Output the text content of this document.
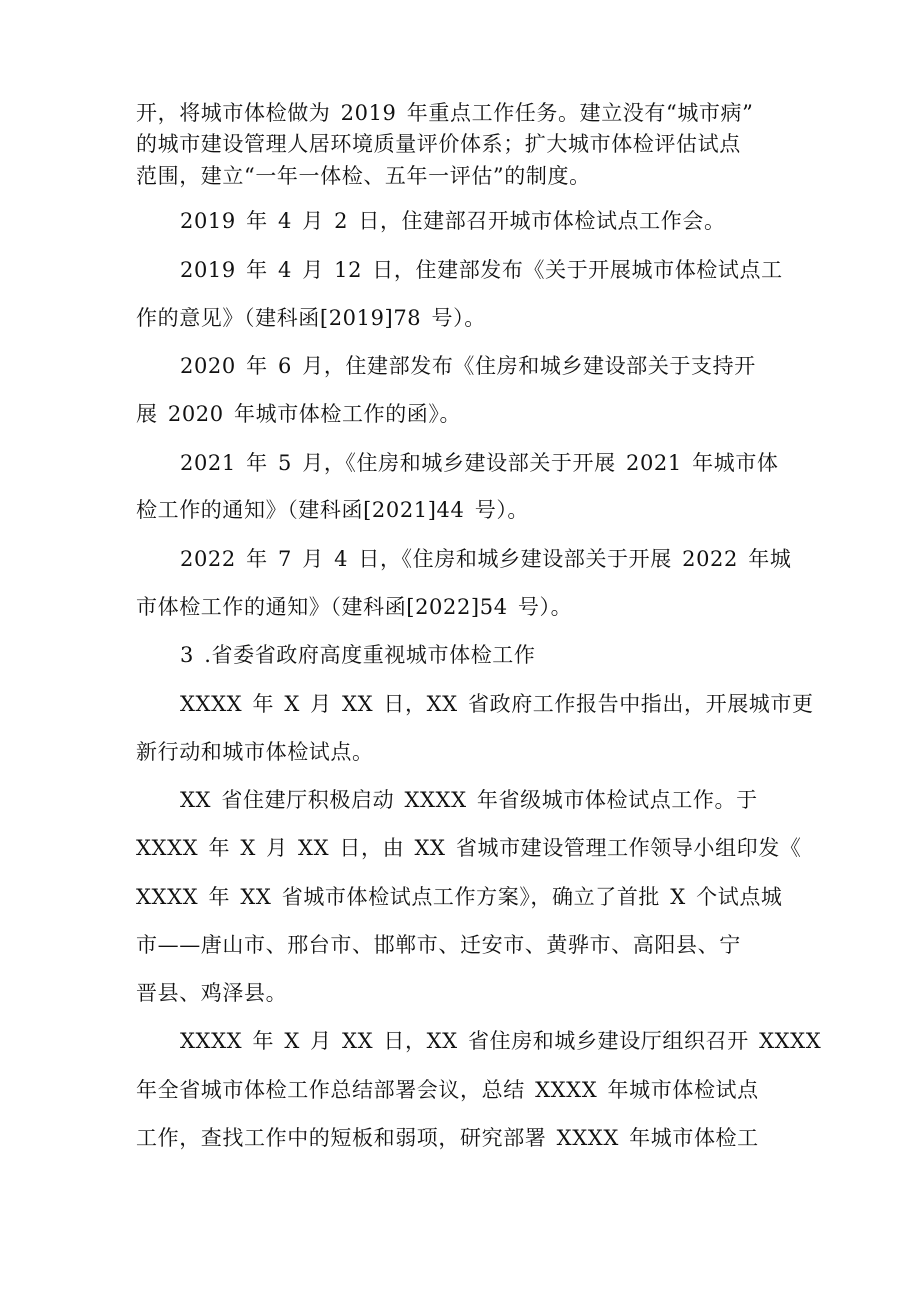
开，将城市体检做为 2019 年重点工作任务。建立没有“城市病”
的城市建设管理人居环境质量评价体系；扩大城市体检评估试点
范围，建立“一年一体检、五年一评估”的制度。
2019 年 4 月 2 日，住建部召开城市体检试点工作会。
2019 年 4 月 12 日，住建部发布《关于开展城市体检试点工
作的意见》（建科函[2019]78 号）。
2020 年 6 月，住建部发布《住房和城乡建设部关于支持开
展 2020 年城市体检工作的函》。
2021 年 5 月，《住房和城乡建设部关于开展 2021 年城市体
检工作的通知》（建科函[2021]44 号）。
2022 年 7 月 4 日，《住房和城乡建设部关于开展 2022 年城
市体检工作的通知》（建科函[2022]54 号）。
3 .省委省政府高度重视城市体检工作
XXXX 年 X 月 XX 日，XX 省政府工作报告中指出，开展城市更
新行动和城市体检试点。
XX 省住建厅积极启动 XXXX 年省级城市体检试点工作。于
XXXX 年 X 月 XX 日，由 XX 省城市建设管理工作领导小组印发《
XXXX 年 XX 省城市体检试点工作方案》，确立了首批 X 个试点城
市——唐山市、邢台市、邯郸市、迁安市、黄骅市、高阳县、宁
晋县、鸡泽县。
XXXX 年 X 月 XX 日，XX 省住房和城乡建设厅组织召开 XXXX
年全省城市体检工作总结部署会议，总结 XXXX 年城市体检试点
工作，查找工作中的短板和弱项，研究部署 XXXX 年城市体检工
